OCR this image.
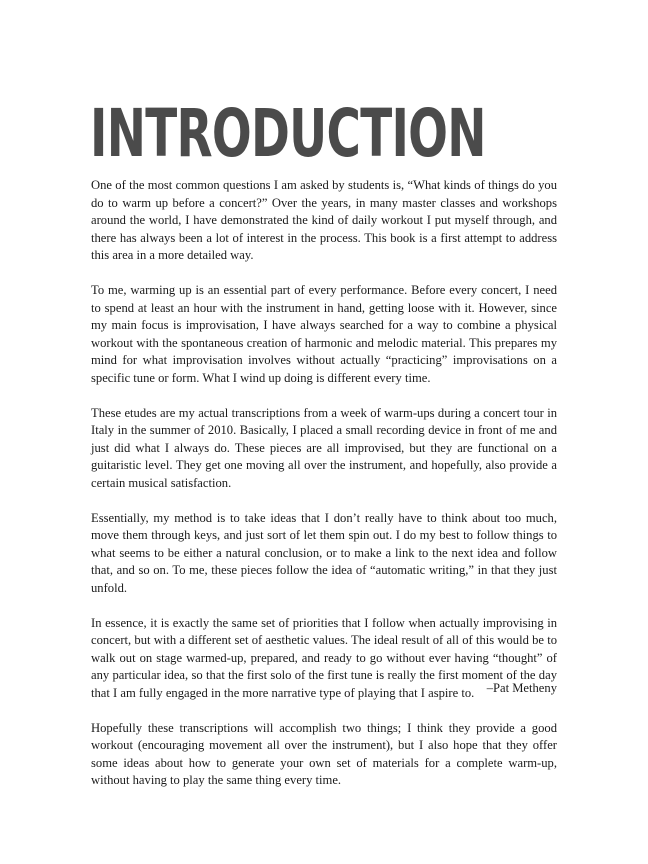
INTRODUCTION

One of the most common questions I am asked by students is, “What kinds of things do you do to warm up before a concert?” Over the years, in many master classes and workshops around the world, I have demonstrated the kind of daily workout I put myself through, and there has always been a lot of interest in the process. This book is a first attempt to address this area in a more detailed way.

To me, warming up is an essential part of every performance. Before every concert, I need to spend at least an hour with the instrument in hand, getting loose with it. However, since my main focus is improvisation, I have always searched for a way to combine a physical workout with the spontaneous creation of harmonic and melodic material. This prepares my mind for what improvisation involves without actually “practicing” improvisations on a specific tune or form. What I wind up doing is different every time.

These etudes are my actual transcriptions from a week of warm-ups during a concert tour in Italy in the summer of 2010. Basically, I placed a small recording device in front of me and just did what I always do. These pieces are all improvised, but they are functional on a guitaristic level. They get one moving all over the instrument, and hopefully, also provide a certain musical satisfaction.

Essentially, my method is to take ideas that I don’t really have to think about too much, move them through keys, and just sort of let them spin out. I do my best to follow things to what seems to be either a natural conclusion, or to make a link to the next idea and follow that, and so on. To me, these pieces follow the idea of “automatic writing,” in that they just unfold.

In essence, it is exactly the same set of priorities that I follow when actually improvising in concert, but with a different set of aesthetic values. The ideal result of all of this would be to walk out on stage warmed-up, prepared, and ready to go without ever having “thought” of any particular idea, so that the first solo of the first tune is really the first moment of the day that I am fully engaged in the more narrative type of playing that I aspire to.

Hopefully these transcriptions will accomplish two things; I think they provide a good workout (encouraging movement all over the instrument), but I also hope that they offer some ideas about how to generate your own set of materials for a complete warm-up, without having to play the same thing every time.

–Pat Metheny
